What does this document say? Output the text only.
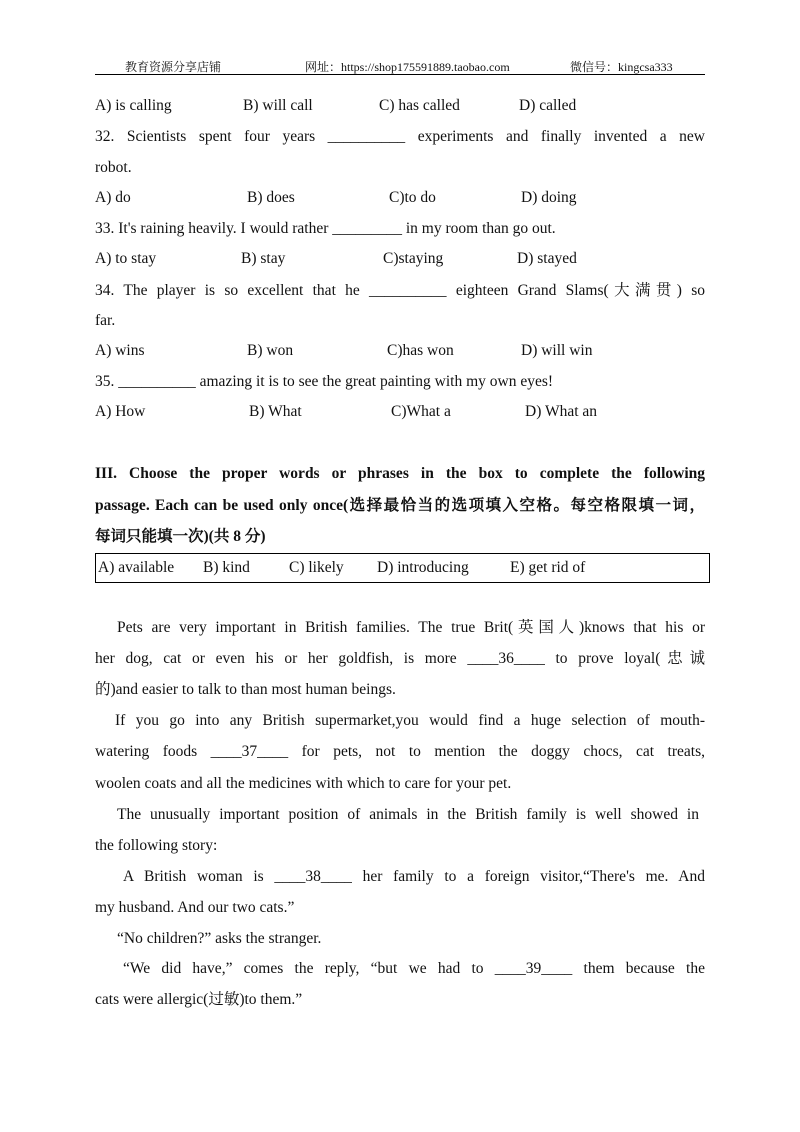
教育资源分享店铺	网址：https://shop175591889.taobao.com	微信号：kingcsa333
A) is calling	B) will call	C) has called	D) called
32. Scientists spent four years __________ experiments and finally invented a new
robot.
A) do	B) does	C)to do	D) doing
33. It's raining heavily. I would rather _________ in my room than go out.
A) to stay	B) stay	C)staying	D) stayed
34. The player is so excellent that he __________ eighteen Grand Slams(大满贯) so
far.
A) wins	B) won	C)has won	D) will win
35. __________ amazing it is to see the great painting with my own eyes!
A) How	B) What	C)What a	D) What an
III. Choose the proper words or phrases in the box to complete the following
passage. Each can be used only once(选择最恰当的选项填入空格。每空格限填一词，
每词只能填一次)(共 8 分)
A) available B) kind	C) likely D) introducing	E) get rid of
Pets are very important in British families. The true Brit(英国人)knows that his or
her dog, cat or even his or her goldfish, is more ____36____ to prove loyal(忠诚
的)and easier to talk to than most human beings.
If you go into any British supermarket,you would find a huge selection of mouth-
watering foods ____37____ for pets, not to mention the doggy chocs, cat treats,
woolen coats and all the medicines with which to care for your pet.
The unusually important position of animals in the British family is well showed in
the following story:
A British woman is ____38____ her family to a foreign visitor,“There's me. And
my husband. And our two cats.”
“No children?” asks the stranger.
“We did have,” comes the reply, “but we had to ____39____ them because the
cats were allergic(过敏)to them.”
